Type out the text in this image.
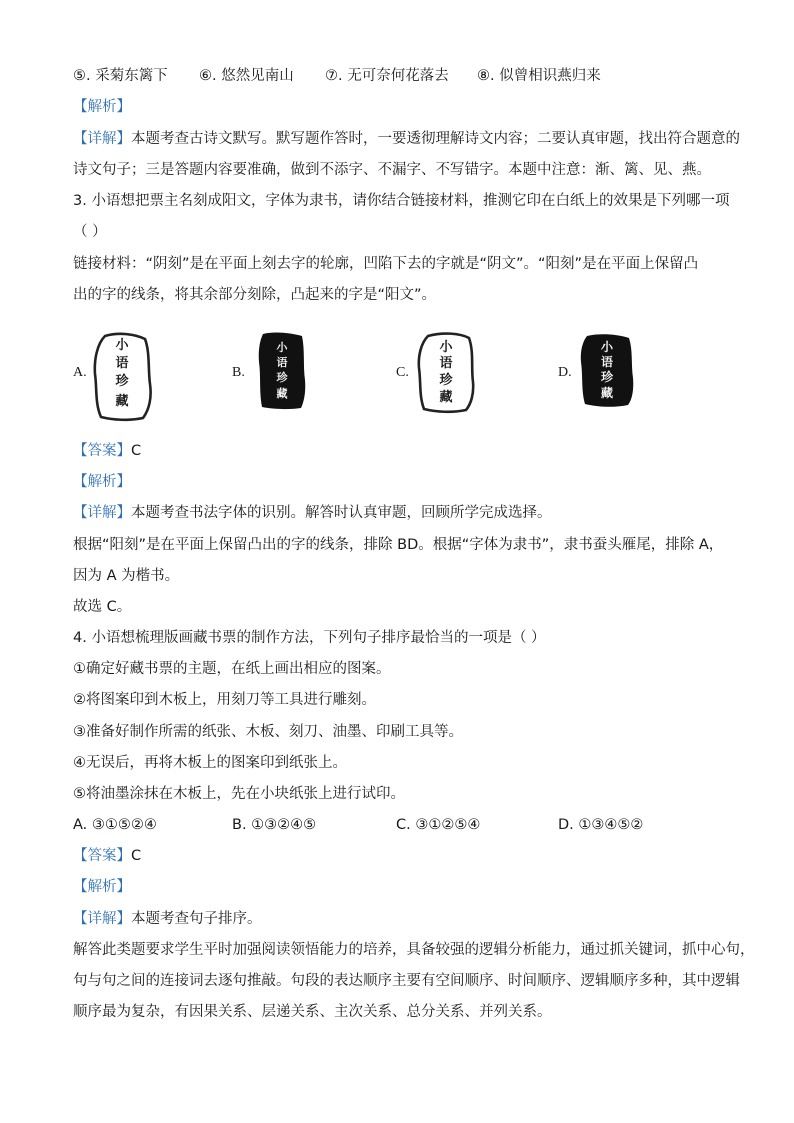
⑤. 采菊东篱下 ⑥. 悠然见南山 ⑦. 无可奈何花落去 ⑧. 似曾相识燕归来
【解析】
【详解】本题考查古诗文默写。默写题作答时，一要透彻理解诗文内容；二要认真审题，找出符合题意的
诗文句子；三是答题内容要准确，做到不添字、不漏字、不写错字。本题中注意：渐、篱、见、燕。
3. 小语想把票主名刻成阳文，字体为隶书，请你结合链接材料，推测它印在白纸上的效果是下列哪一项
（ ）
链接材料：“阴刻”是在平面上刻去字的轮廓，凹陷下去的字就是“阴文”。“阳刻”是在平面上保留凸
出的字的线条，将其余部分刻除，凸起来的字是“阳文”。
A.
小
语
珍
藏
B.
小
语
珍
藏
C.
小
语
珍
藏
D.
小
语
珍
藏
【答案】C
【解析】
【详解】本题考查书法字体的识别。解答时认真审题，回顾所学完成选择。
根据“阳刻”是在平面上保留凸出的字的线条，排除 BD。根据“字体为隶书”，隶书蚕头雁尾，排除 A，
因为 A 为楷书。
故选 C。
4. 小语想梳理版画藏书票的制作方法，下列句子排序最恰当的一项是（ ）
①确定好藏书票的主题，在纸上画出相应的图案。
②将图案印到木板上，用刻刀等工具进行雕刻。
③准备好制作所需的纸张、木板、刻刀、油墨、印刷工具等。
④无误后，再将木板上的图案印到纸张上。
⑤将油墨涂抹在木板上，先在小块纸张上进行试印。
A. ③①⑤②④	B. ①③②④⑤	C. ③①②⑤④	D. ①③④⑤②
【答案】C
【解析】
【详解】本题考查句子排序。
解答此类题要求学生平时加强阅读领悟能力的培养，具备较强的逻辑分析能力，通过抓关键词，抓中心句，
句与句之间的连接词去逐句推敲。句段的表达顺序主要有空间顺序、时间顺序、逻辑顺序多种，其中逻辑
顺序最为复杂，有因果关系、层递关系、主次关系、总分关系、并列关系。
